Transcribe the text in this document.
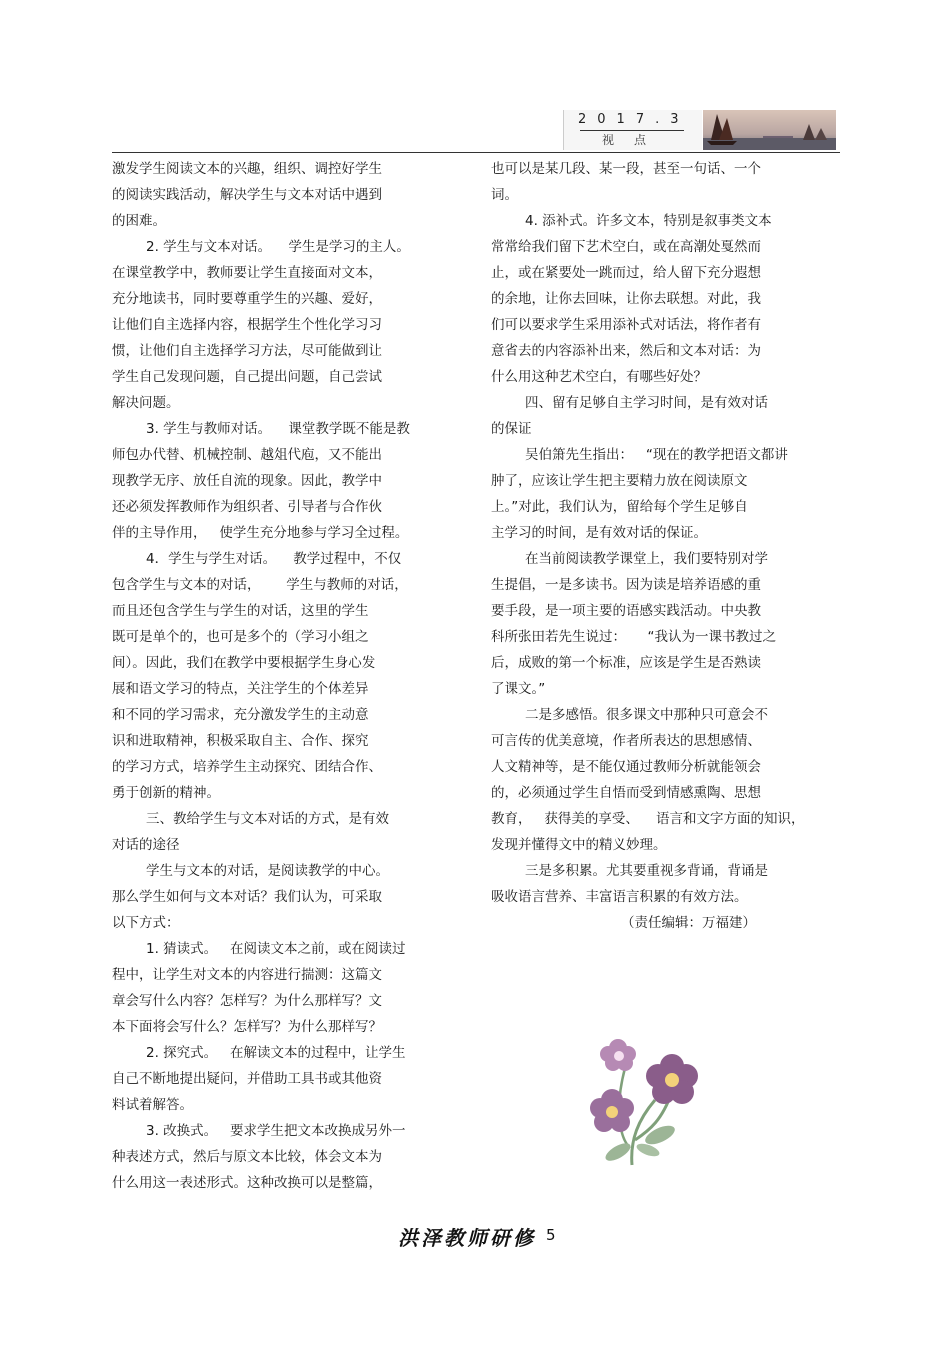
2017.3
视点

激发学生阅读文本的兴趣，组织、调控好学生

的阅读实践活动，解决学生与文本对话中遇到

的困难。

2. 学生与文本对话。    学生是学习的主人。

在课堂教学中，教师要让学生直接面对文本，

充分地读书，同时要尊重学生的兴趣、爱好，

让他们自主选择内容，根据学生个性化学习习

惯，让他们自主选择学习方法，尽可能做到让

学生自己发现问题，自己提出问题，自己尝试

解决问题。

3. 学生与教师对话。    课堂教学既不能是教

师包办代替、机械控制、越俎代庖，又不能出

现教学无序、放任自流的现象。因此，教学中

还必须发挥教师作为组织者、引导者与合作伙

伴的主导作用，   使学生充分地参与学习全过程。

4．学生与学生对话。    教学过程中，不仅

包含学生与文本的对话，      学生与教师的对话，

而且还包含学生与学生的对话，这里的学生

既可是单个的，也可是多个的（学习小组之

间）。因此，我们在教学中要根据学生身心发

展和语文学习的特点，关注学生的个体差异

和不同的学习需求，充分激发学生的主动意

识和进取精神，积极采取自主、合作、探究

的学习方式，培养学生主动探究、团结合作、

勇于创新的精神。

三、教给学生与文本对话的方式，是有效

对话的途径

学生与文本的对话，是阅读教学的中心。

那么学生如何与文本对话？我们认为，可采取

以下方式：

1. 猜读式。   在阅读文本之前，或在阅读过

程中，让学生对文本的内容进行揣测：这篇文

章会写什么内容？怎样写？为什么那样写？文

本下面将会写什么？怎样写？为什么那样写？

2. 探究式。   在解读文本的过程中，让学生

自己不断地提出疑问，并借助工具书或其他资

料试着解答。

3. 改换式。   要求学生把文本改换成另外一

种表述方式，然后与原文本比较，体会文本为

什么用这一表述形式。这种改换可以是整篇，

也可以是某几段、某一段，甚至一句话、一个

词。

4. 添补式。许多文本，特别是叙事类文本

常常给我们留下艺术空白，或在高潮处戛然而

止，或在紧要处一跳而过，给人留下充分遐想

的余地，让你去回味，让你去联想。对此，我

们可以要求学生采用添补式对话法，将作者有

意省去的内容添补出来，然后和文本对话：为

什么用这种艺术空白，有哪些好处？

四、留有足够自主学习时间，是有效对话

的保证

吴伯箫先生指出：   “现在的教学把语文都讲

肿了，应该让学生把主要精力放在阅读原文

上。”对此，我们认为，留给每个学生足够自

主学习的时间，是有效对话的保证。

在当前阅读教学课堂上，我们要特别对学

生提倡，一是多读书。因为读是培养语感的重

要手段，是一项主要的语感实践活动。中央教

科所张田若先生说过：     “我认为一课书教过之

后，成败的第一个标准，应该是学生是否熟读

了课文。”

二是多感悟。很多课文中那种只可意会不

可言传的优美意境，作者所表达的思想感情、

人文精神等，是不能仅通过教师分析就能领会

的，必须通过学生自悟而受到情感熏陶、思想

教育，   获得美的享受、    语言和文字方面的知识，

发现并懂得文中的精义妙理。

三是多积累。尤其要重视多背诵，背诵是

吸收语言营养、丰富语言积累的有效方法。

（责任编辑：万福建）

洪泽教师研修 5
